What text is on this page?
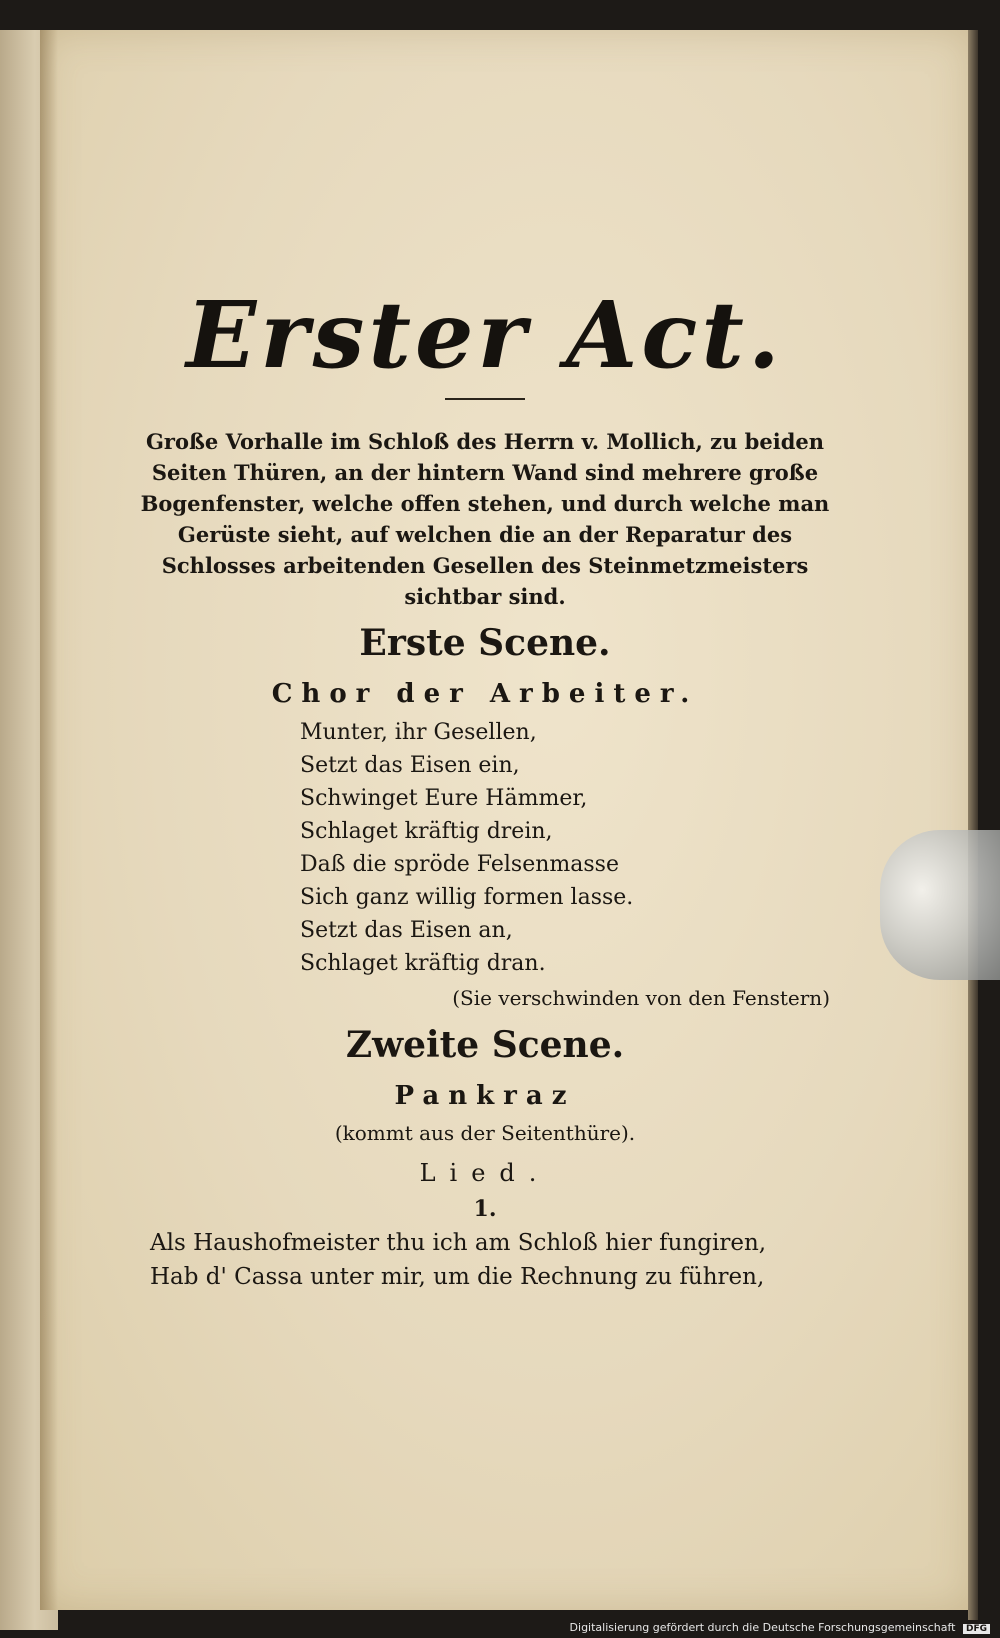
Erster Act.
Große Vorhalle im Schloß des Herrn v. Mollich, zu beiden Seiten Thüren, an der hintern Wand sind mehrere große Bogenfenster, welche offen stehen, und durch welche man Gerüste sieht, auf welchen die an der Reparatur des Schlosses arbeitenden Gesellen des Steinmetzmeisters sichtbar sind.
Erste Scene.
Chor der Arbeiter.
Munter, ihr Gesellen,
Setzt das Eisen ein,
Schwinget Eure Hämmer,
Schlaget kräftig drein,
Daß die spröde Felsenmasse
Sich ganz willig formen lasse.
Setzt das Eisen an,
Schlaget kräftig dran.
(Sie verschwinden von den Fenstern)
Zweite Scene.
Pankraz
(kommt aus der Seitenthüre).
Lied.
1.
Als Haushofmeister thu ich am Schloß hier fungiren,
Hab d' Cassa unter mir, um die Rechnung zu führen,
Digitalisierung gefördert durch die Deutsche Forschungsgemeinschaft DFG
